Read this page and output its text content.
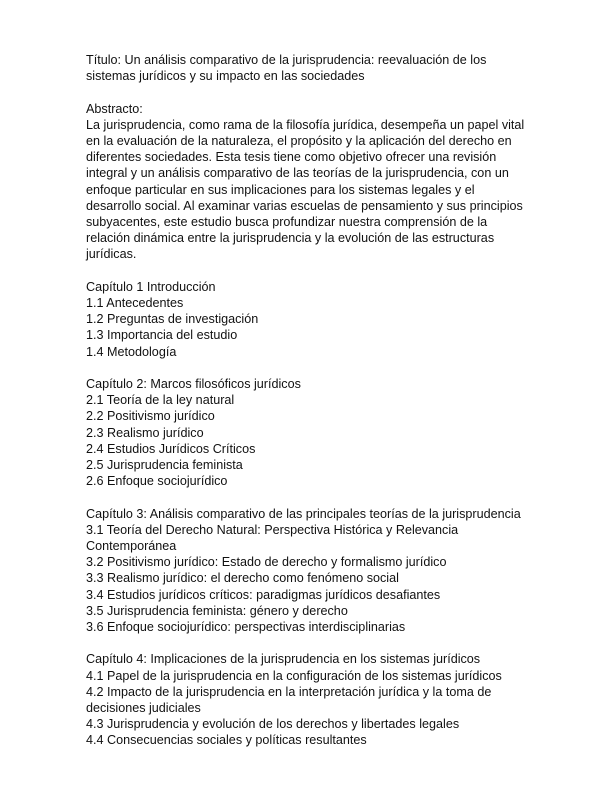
Título: Un análisis comparativo de la jurisprudencia: reevaluación de los sistemas jurídicos y su impacto en las sociedades

Abstracto:

La jurisprudencia, como rama de la filosofía jurídica, desempeña un papel vital en la evaluación de la naturaleza, el propósito y la aplicación del derecho en diferentes sociedades. Esta tesis tiene como objetivo ofrecer una revisión integral y un análisis comparativo de las teorías de la jurisprudencia, con un enfoque particular en sus implicaciones para los sistemas legales y el desarrollo social. Al examinar varias escuelas de pensamiento y sus principios subyacentes, este estudio busca profundizar nuestra comprensión de la relación dinámica entre la jurisprudencia y la evolución de las estructuras jurídicas.

Capítulo 1 Introducción
1.1 Antecedentes
1.2 Preguntas de investigación
1.3 Importancia del estudio
1.4 Metodología
Capítulo 2: Marcos filosóficos jurídicos
2.1 Teoría de la ley natural
2.2 Positivismo jurídico
2.3 Realismo jurídico
2.4 Estudios Jurídicos Críticos
2.5 Jurisprudencia feminista
2.6 Enfoque sociojurídico
Capítulo 3: Análisis comparativo de las principales teorías de la jurisprudencia
3.1 Teoría del Derecho Natural: Perspectiva Histórica y Relevancia Contemporánea
3.2 Positivismo jurídico: Estado de derecho y formalismo jurídico
3.3 Realismo jurídico: el derecho como fenómeno social
3.4 Estudios jurídicos críticos: paradigmas jurídicos desafiantes
3.5 Jurisprudencia feminista: género y derecho
3.6 Enfoque sociojurídico: perspectivas interdisciplinarias
Capítulo 4: Implicaciones de la jurisprudencia en los sistemas jurídicos
4.1 Papel de la jurisprudencia en la configuración de los sistemas jurídicos
4.2 Impacto de la jurisprudencia en la interpretación jurídica y la toma de decisiones judiciales
4.3 Jurisprudencia y evolución de los derechos y libertades legales
4.4 Consecuencias sociales y políticas resultantes
